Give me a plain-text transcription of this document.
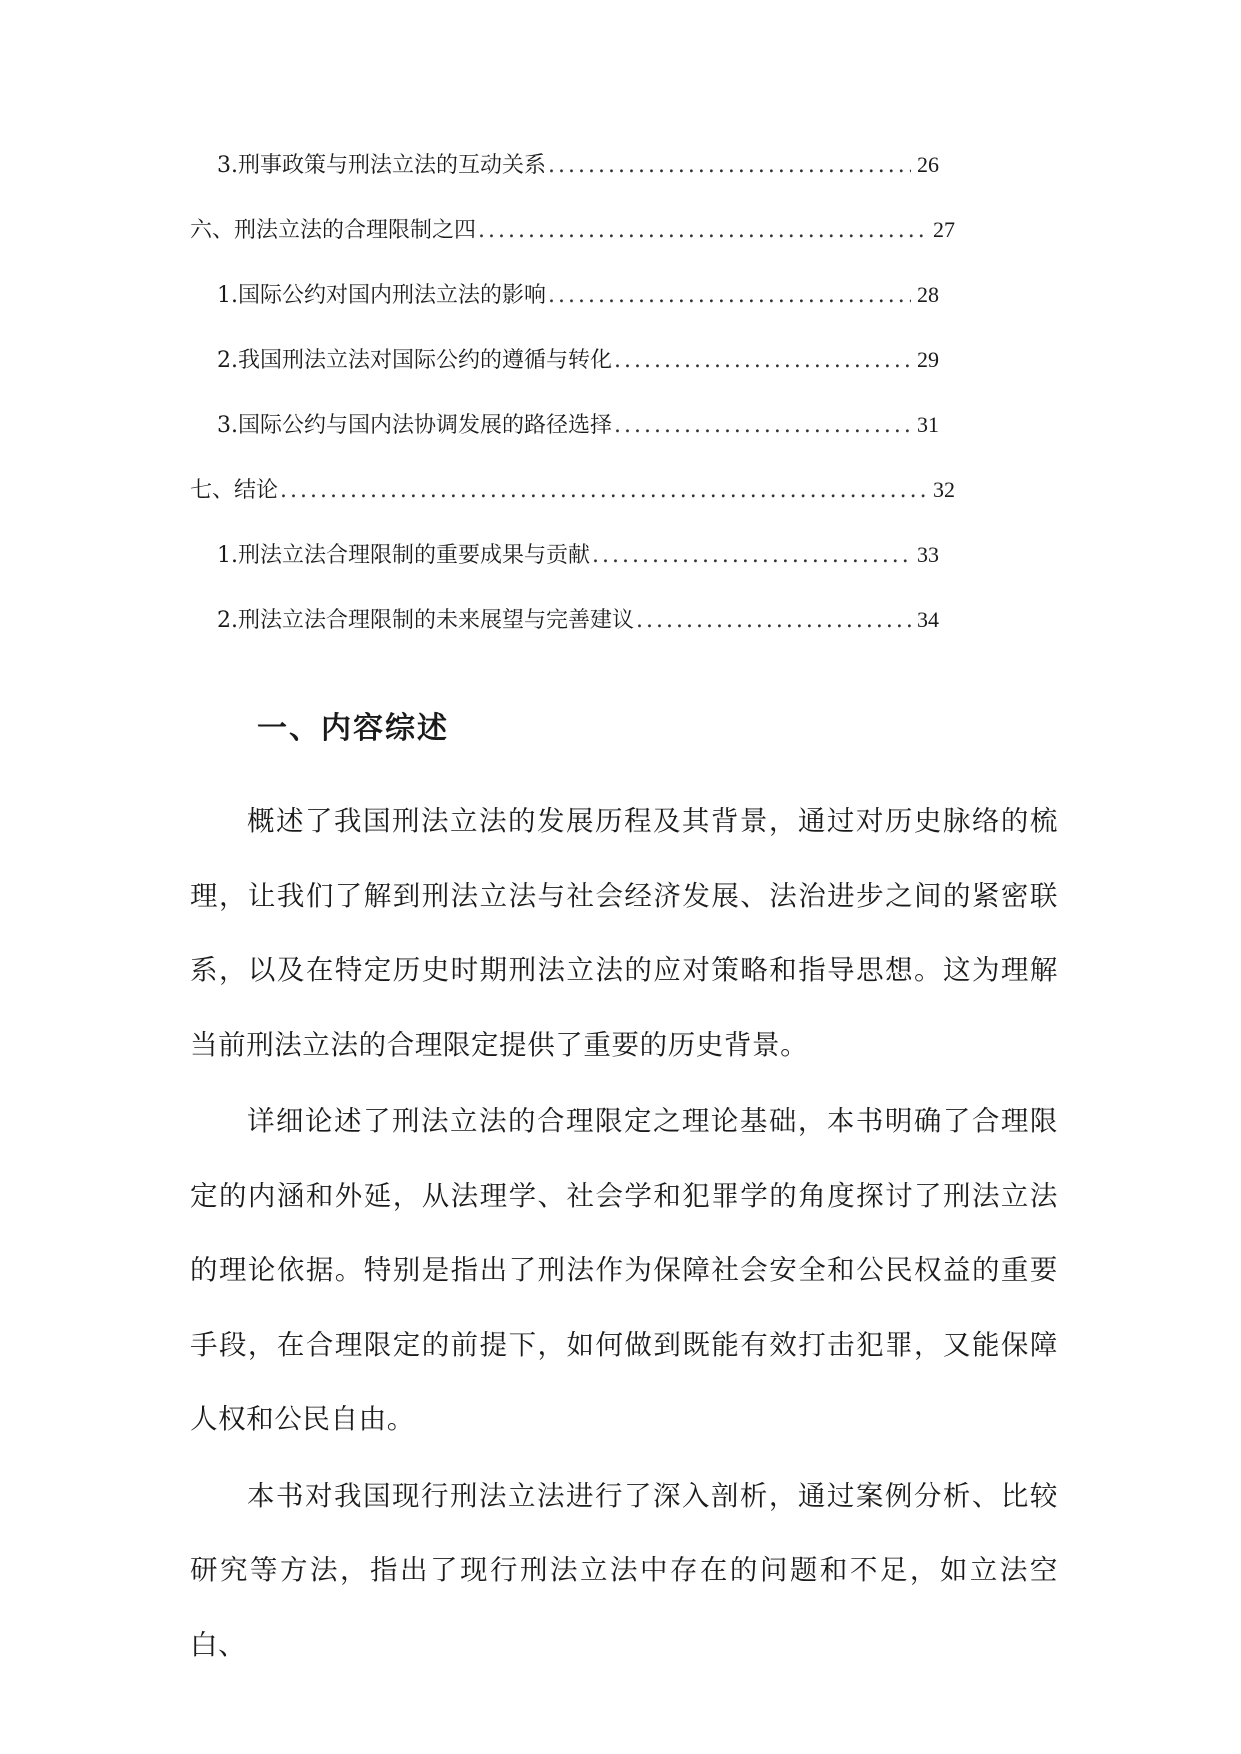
3. 刑事政策与刑法立法的互动关系 .....	26
六、刑法立法的合理限制之四 .....	27
1. 国际公约对国内刑法立法的影响 .....	28
2. 我国刑法立法对国际公约的遵循与转化 .....	29
3. 国际公约与国内法协调发展的路径选择 .....	31
七、结论 .....	32
1. 刑法立法合理限制的重要成果与贡献 .....	33
2. 刑法立法合理限制的未来展望与完善建议 .....	34
一、内容综述

概述了我国刑法立法的发展历程及其背景，通过对历史脉络的梳理，让我们了解到刑法立法与社会经济发展、法治进步之间的紧密联系，以及在特定历史时期刑法立法的应对策略和指导思想。这为理解当前刑法立法的合理限定提供了重要的历史背景。

详细论述了刑法立法的合理限定之理论基础，本书明确了合理限定的内涵和外延，从法理学、社会学和犯罪学的角度探讨了刑法立法的理论依据。特别是指出了刑法作为保障社会安全和公民权益的重要手段，在合理限定的前提下，如何做到既能有效打击犯罪，又能保障人权和公民自由。

本书对我国现行刑法立法进行了深入剖析，通过案例分析、比较研究等方法，指出了现行刑法立法中存在的问题和不足，如立法空白、
